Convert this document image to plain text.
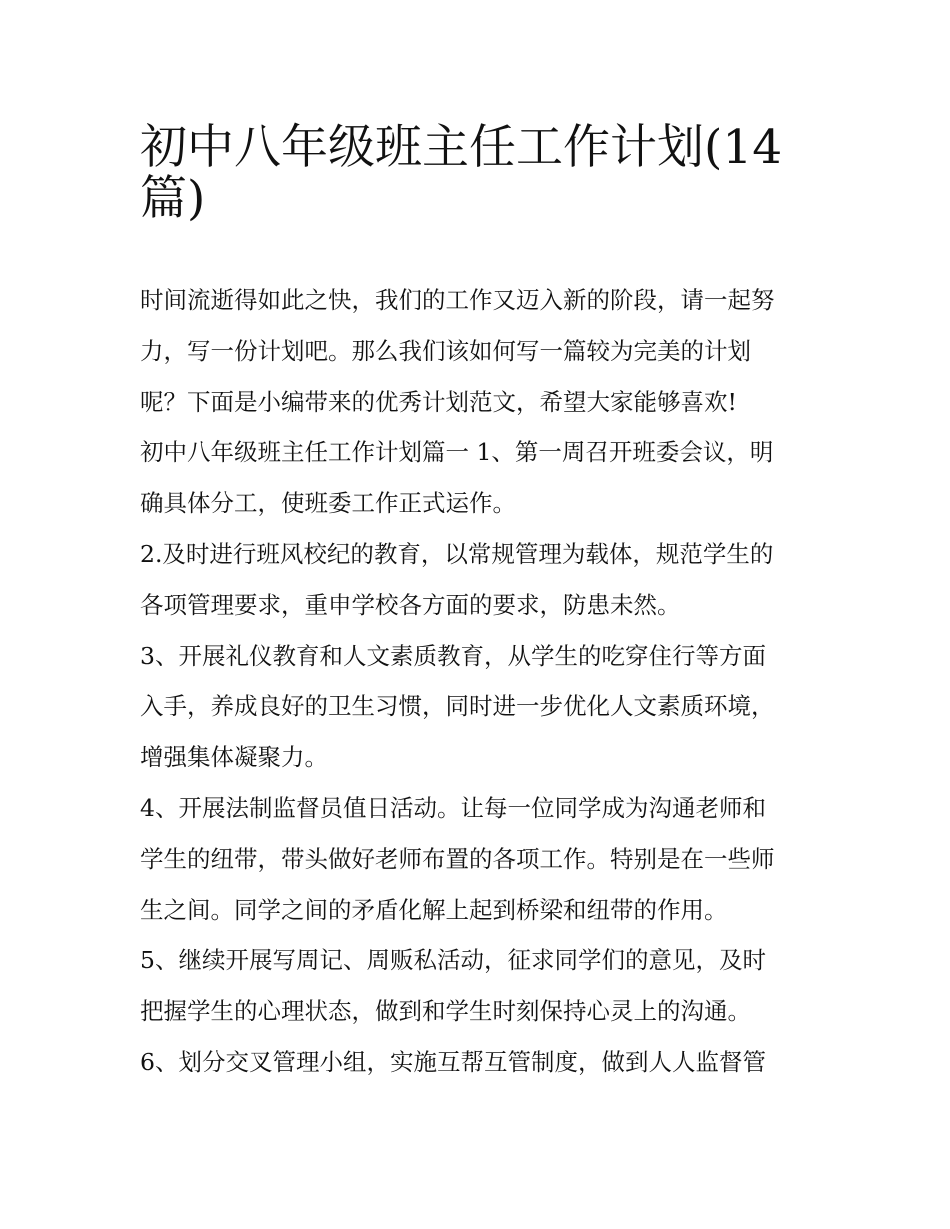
初中八年级班主任工作计划(14
篇)
时间流逝得如此之快，我们的工作又迈入新的阶段，请一起努
力，写一份计划吧。那么我们该如何写一篇较为完美的计划
呢？下面是小编带来的优秀计划范文，希望大家能够喜欢!
初中八年级班主任工作计划篇一 1、第一周召开班委会议，明
确具体分工，使班委工作正式运作。
2.及时进行班风校纪的教育，以常规管理为载体，规范学生的
各项管理要求，重申学校各方面的要求，防患未然。
3、开展礼仪教育和人文素质教育，从学生的吃穿住行等方面
入手，养成良好的卫生习惯，同时进一步优化人文素质环境，
增强集体凝聚力。
4、开展法制监督员值日活动。让每一位同学成为沟通老师和
学生的纽带，带头做好老师布置的各项工作。特别是在一些师
生之间。同学之间的矛盾化解上起到桥梁和纽带的作用。
5、继续开展写周记、周贩私活动，征求同学们的意见，及时
把握学生的心理状态，做到和学生时刻保持心灵上的沟通。
6、划分交叉管理小组，实施互帮互管制度，做到人人监督管
